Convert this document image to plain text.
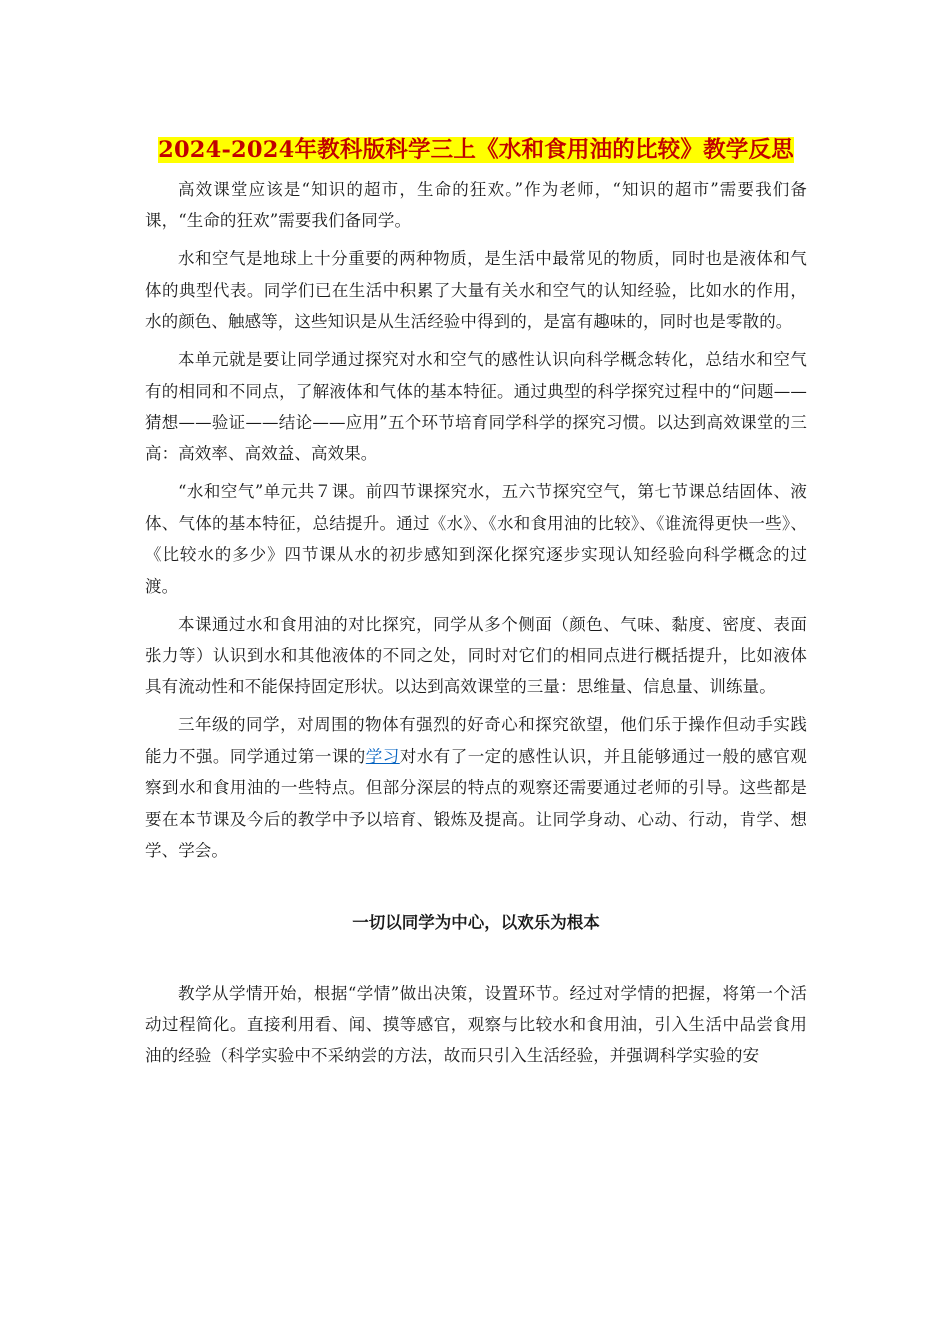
2024-2024年教科版科学三上《水和食用油的比较》教学反思

高效课堂应该是“知识的超市，生命的狂欢。”作为老师，“知识的超市”需要我们备课，“生命的狂欢”需要我们备同学。

水和空气是地球上十分重要的两种物质，是生活中最常见的物质，同时也是液体和气体的典型代表。同学们已在生活中积累了大量有关水和空气的认知经验，比如水的作用，水的颜色、触感等，这些知识是从生活经验中得到的，是富有趣味的，同时也是零散的。

本单元就是要让同学通过探究对水和空气的感性认识向科学概念转化，总结水和空气有的相同和不同点，了解液体和气体的基本特征。通过典型的科学探究过程中的“问题——猜想——验证——结论——应用”五个环节培育同学科学的探究习惯。以达到高效课堂的三高：高效率、高效益、高效果。

“水和空气”单元共７课。前四节课探究水，五六节探究空气，第七节课总结固体、液体、气体的基本特征，总结提升。通过《水》、《水和食用油的比较》、《谁流得更快一些》、《比较水的多少》四节课从水的初步感知到深化探究逐步实现认知经验向科学概念的过渡。

本课通过水和食用油的对比探究，同学从多个侧面（颜色、气味、黏度、密度、表面张力等）认识到水和其他液体的不同之处，同时对它们的相同点进行概括提升，比如液体具有流动性和不能保持固定形状。以达到高效课堂的三量：思维量、信息量、训练量。

三年级的同学，对周围的物体有强烈的好奇心和探究欲望，他们乐于操作但动手实践能力不强。同学通过第一课的学习对水有了一定的感性认识，并且能够通过一般的感官观察到水和食用油的一些特点。但部分深层的特点的观察还需要通过老师的引导。这些都是要在本节课及今后的教学中予以培育、锻炼及提高。让同学身动、心动、行动，肯学、想学、学会。

一切以同学为中心，以欢乐为根本

教学从学情开始，根据“学情”做出决策，设置环节。经过对学情的把握，将第一个活动过程简化。直接利用看、闻、摸等感官，观察与比较水和食用油，引入生活中品尝食用油的经验（科学实验中不采纳尝的方法，故而只引入生活经验，并强调科学实验的安
